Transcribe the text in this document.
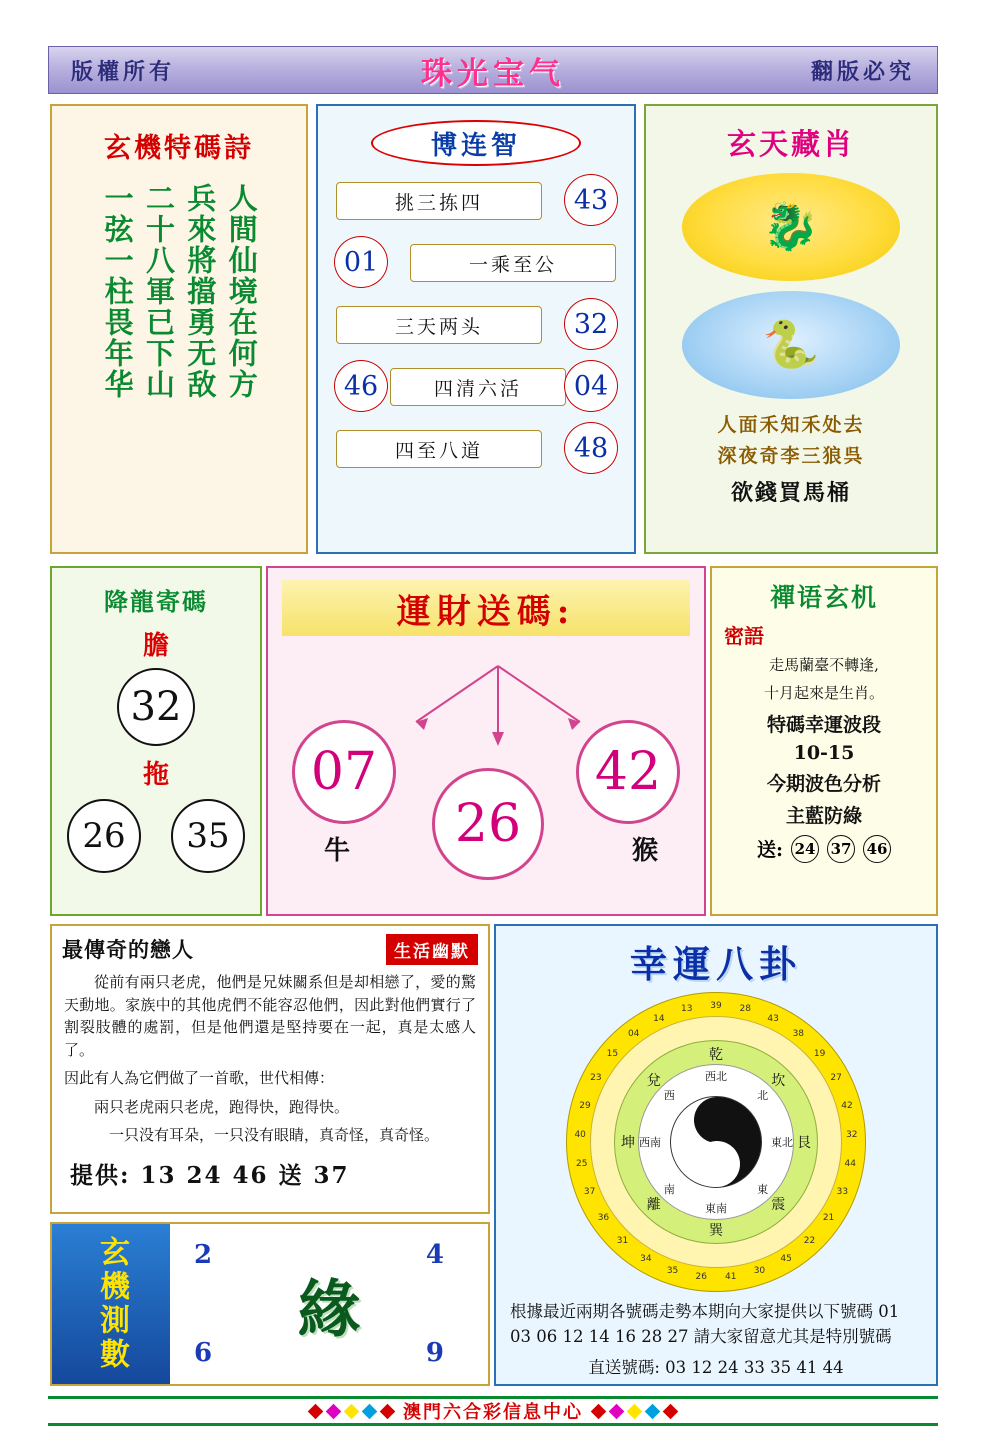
版權所有	珠光宝气	翻版必究
玄機特碼詩
人間仙境在何方
兵來將擋勇无敌
二十八軍已下山
一弦一柱畏年华
博连智
挑三拣四	43
01	一乘至公
三天两头	32
46	四清六活	04
四至八道	48
玄天藏肖
🐉
🐍
人面禾知禾处去
深夜奇李三狼呉
欲錢買馬桶
降龍寄碼
膽
32
拖
26	35
運財送碼:
07
牛	26
42
猴
禪语玄机
密語
走馬蘭臺不轉逢,
十月起來是生肖。
特碼幸運波段
10-15
今期波色分析
主藍防綠
送: 24 37 46
最傳奇的戀人	生活幽默

從前有兩只老虎，他們是兄妹關系但是却相戀了，愛的驚天動地。家族中的其他虎們不能容忍他們，因此對他們實行了割裂肢體的處罰，但是他們還是堅持要在一起，真是太感人了。

因此有人為它們做了一首歌，世代相傳：

兩只老虎兩只老虎，跑得快，跑得快。

一只没有耳朵，一只没有眼睛，真奇怪，真奇怪。

提供: 13 24 46 送 37
幸運八卦
39 28
43
38
19
27
42
32
44
33
21
22
45
30
41
26
35
34
31
36
37
25
40
29
23
15
04
14
13
乾
坎
艮
震
巽
離
坤
兌	西北
北
東北
東
東南
南
西南
西
根據最近兩期各號碼走勢本期向大家提供以下號碼 01 03 06 12 14 16 28 27 請大家留意尤其是特別號碼
直送號碼: 03 12 24 33 35 41 44
玄機測數	2	4
6	9
緣
澳門六合彩信息中心
